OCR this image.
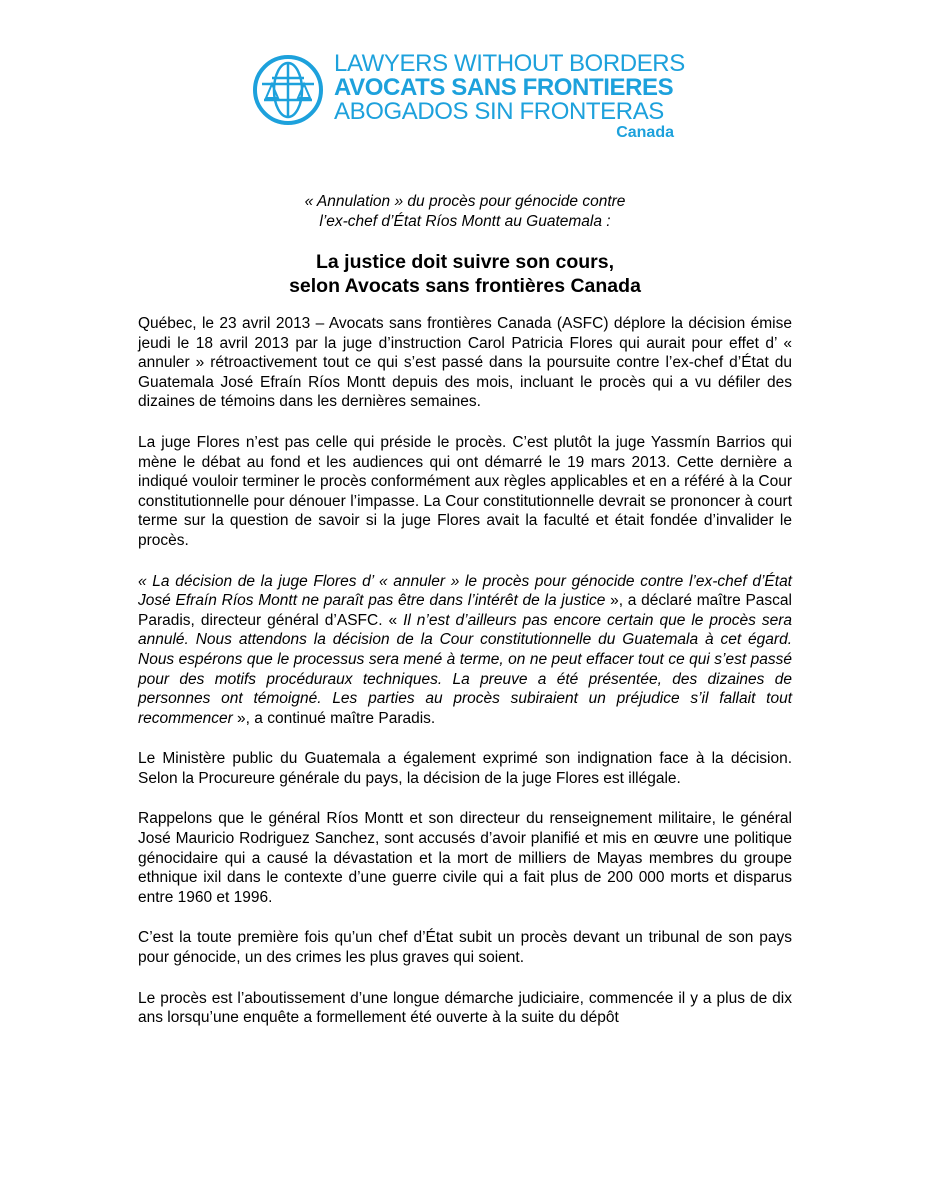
LAWYERS WITHOUT BORDERS
AVOCATS SANS FRONTIERES
ABOGADOS SIN FRONTERAS
Canada
« Annulation » du procès pour génocide contre
l’ex-chef d’État Ríos Montt au Guatemala :
La justice doit suivre son cours,
selon Avocats sans frontières Canada

Québec, le 23 avril 2013 – Avocats sans frontières Canada (ASFC) déplore la décision émise jeudi le 18 avril 2013 par la juge d’instruction Carol Patricia Flores qui aurait pour effet d’ « annuler » rétroactivement tout ce qui s’est passé dans la poursuite contre l’ex-chef d’État du Guatemala José Efraín Ríos Montt depuis des mois, incluant le procès qui a vu défiler des dizaines de témoins dans les dernières semaines.

La juge Flores n’est pas celle qui préside le procès. C’est plutôt la juge Yassmín Barrios qui mène le débat au fond et les audiences qui ont démarré le 19 mars 2013. Cette dernière a indiqué vouloir terminer le procès conformément aux règles applicables et en a référé à la Cour constitutionnelle pour dénouer l’impasse. La Cour constitutionnelle devrait se prononcer à court terme sur la question de savoir si la juge Flores avait la faculté et était fondée d’invalider le procès.

« La décision de la juge Flores d’ « annuler » le procès pour génocide contre l’ex-chef d’État José Efraín Ríos Montt ne paraît pas être dans l’intérêt de la justice », a déclaré maître Pascal Paradis, directeur général d’ASFC. « Il n’est d’ailleurs pas encore certain que le procès sera annulé. Nous attendons la décision de la Cour constitutionnelle du Guatemala à cet égard. Nous espérons que le processus sera mené à terme, on ne peut effacer tout ce qui s’est passé pour des motifs procéduraux techniques. La preuve a été présentée, des dizaines de personnes ont témoigné. Les parties au procès subiraient un préjudice s’il fallait tout recommencer », a continué maître Paradis.

Le Ministère public du Guatemala a également exprimé son indignation face à la décision. Selon la Procureure générale du pays, la décision de la juge Flores est illégale.

Rappelons que le général Ríos Montt et son directeur du renseignement militaire, le général José Mauricio Rodriguez Sanchez, sont accusés d’avoir planifié et mis en œuvre une politique génocidaire qui a causé la dévastation et la mort de milliers de Mayas membres du groupe ethnique ixil dans le contexte d’une guerre civile qui a fait plus de 200 000 morts et disparus entre 1960 et 1996.

C’est la toute première fois qu’un chef d’État subit un procès devant un tribunal de son pays pour génocide, un des crimes les plus graves qui soient.

Le procès est l’aboutissement d’une longue démarche judiciaire, commencée il y a plus de dix ans lorsqu’une enquête a formellement été ouverte à la suite du dépôt
